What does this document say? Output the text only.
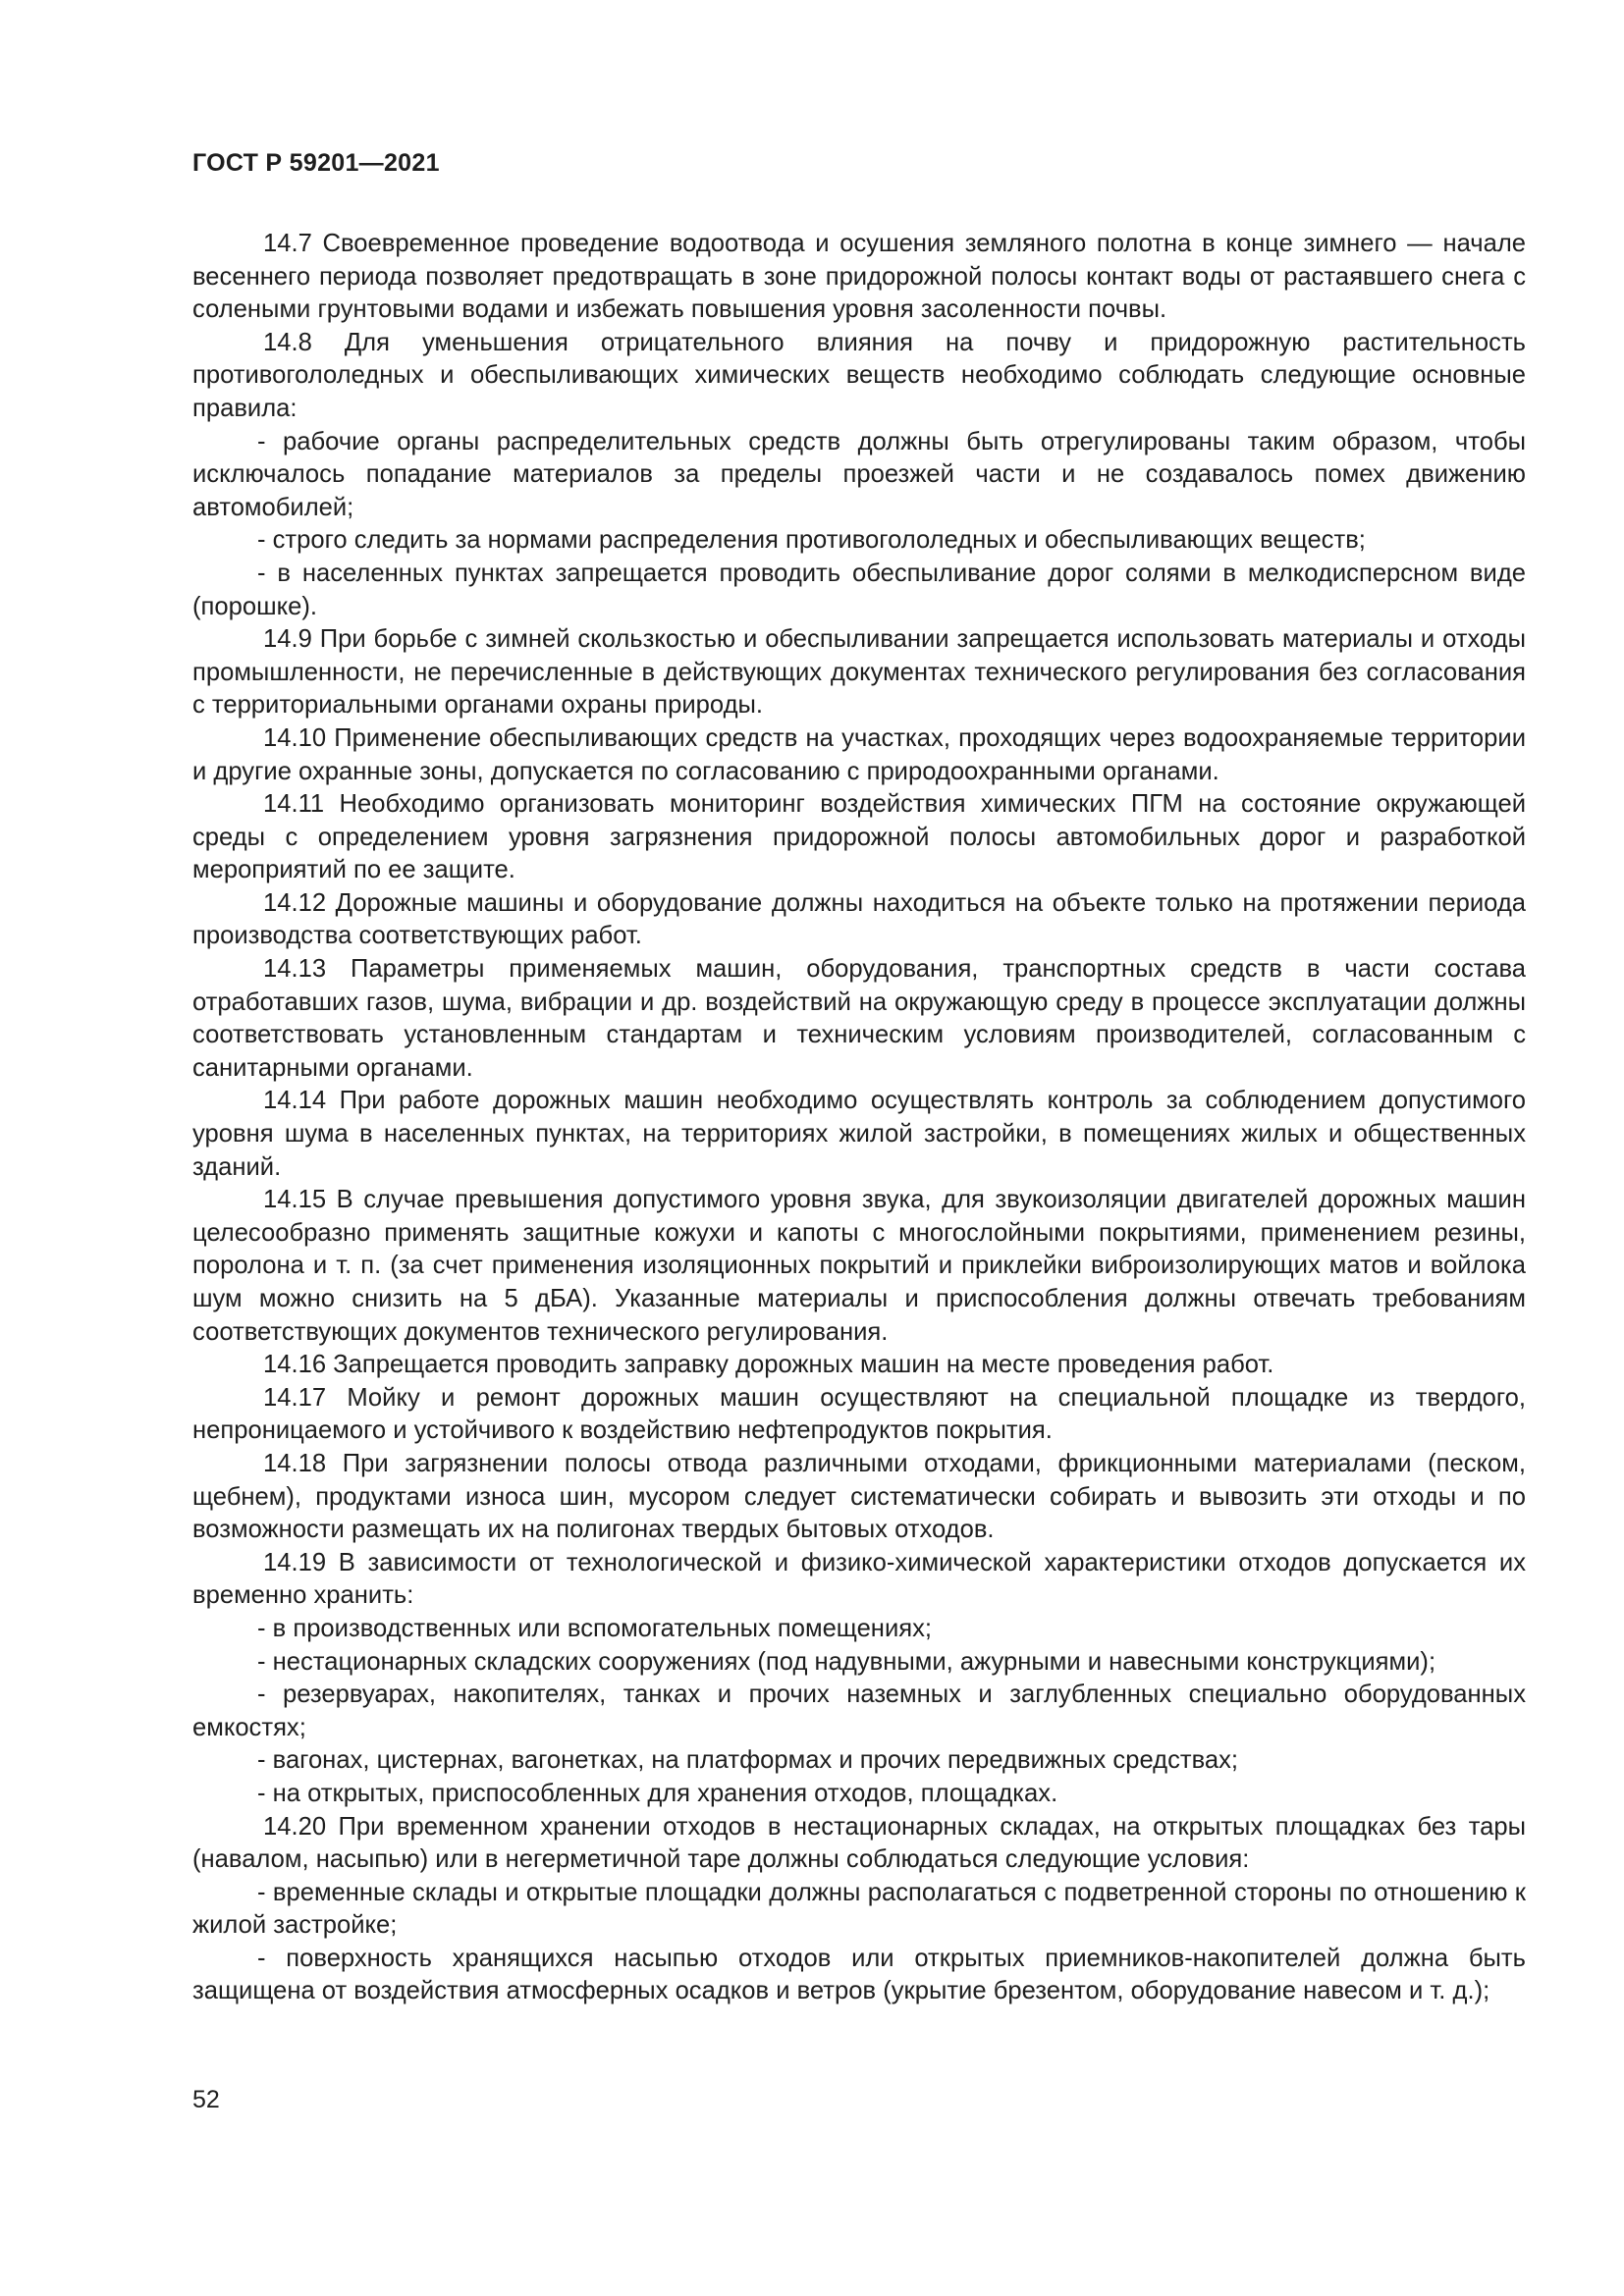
ГОСТ Р 59201—2021

14.7 Своевременное проведение водоотвода и осушения земляного полотна в конце зимнего — начале весеннего периода позволяет предотвращать в зоне придорожной полосы контакт воды от растаявшего снега с солеными грунтовыми водами и избежать повышения уровня засоленности почвы.

14.8 Для уменьшения отрицательного влияния на почву и придорожную растительность противогололедных и обеспыливающих химических веществ необходимо соблюдать следующие основные правила:

- рабочие органы распределительных средств должны быть отрегулированы таким образом, чтобы исключалось попадание материалов за пределы проезжей части и не создавалось помех движению автомобилей;

- строго следить за нормами распределения противогололедных и обеспыливающих веществ;

- в населенных пунктах запрещается проводить обеспыливание дорог солями в мелкодисперсном виде (порошке).

14.9 При борьбе с зимней скользкостью и обеспыливании запрещается использовать материалы и отходы промышленности, не перечисленные в действующих документах технического регулирования без согласования с территориальными органами охраны природы.

14.10 Применение обеспыливающих средств на участках, проходящих через водоохраняемые территории и другие охранные зоны, допускается по согласованию с природоохранными органами.

14.11 Необходимо организовать мониторинг воздействия химических ПГМ на состояние окружающей среды с определением уровня загрязнения придорожной полосы автомобильных дорог и разработкой мероприятий по ее защите.

14.12 Дорожные машины и оборудование должны находиться на объекте только на протяжении периода производства соответствующих работ.

14.13 Параметры применяемых машин, оборудования, транспортных средств в части состава отработавших газов, шума, вибрации и др. воздействий на окружающую среду в процессе эксплуатации должны соответствовать установленным стандартам и техническим условиям производителей, согласованным с санитарными органами.

14.14 При работе дорожных машин необходимо осуществлять контроль за соблюдением допустимого уровня шума в населенных пунктах, на территориях жилой застройки, в помещениях жилых и общественных зданий.

14.15 В случае превышения допустимого уровня звука, для звукоизоляции двигателей дорожных машин целесообразно применять защитные кожухи и капоты с многослойными покрытиями, применением резины, поролона и т. п. (за счет применения изоляционных покрытий и приклейки виброизолирующих матов и войлока шум можно снизить на 5 дБА). Указанные материалы и приспособления должны отвечать требованиям соответствующих документов технического регулирования.

14.16 Запрещается проводить заправку дорожных машин на месте проведения работ.

14.17 Мойку и ремонт дорожных машин осуществляют на специальной площадке из твердого, непроницаемого и устойчивого к воздействию нефтепродуктов покрытия.

14.18 При загрязнении полосы отвода различными отходами, фрикционными материалами (песком, щебнем), продуктами износа шин, мусором следует систематически собирать и вывозить эти отходы и по возможности размещать их на полигонах твердых бытовых отходов.

14.19 В зависимости от технологической и физико-химической характеристики отходов допускается их временно хранить:

- в производственных или вспомогательных помещениях;

- нестационарных складских сооружениях (под надувными, ажурными и навесными конструкциями);

- резервуарах, накопителях, танках и прочих наземных и заглубленных специально оборудованных емкостях;

- вагонах, цистернах, вагонетках, на платформах и прочих передвижных средствах;

- на открытых, приспособленных для хранения отходов, площадках.

14.20 При временном хранении отходов в нестационарных складах, на открытых площадках без тары (навалом, насыпью) или в негерметичной таре должны соблюдаться следующие условия:

- временные склады и открытые площадки должны располагаться с подветренной стороны по отношению к жилой застройке;

- поверхность хранящихся насыпью отходов или открытых приемников-накопителей должна быть защищена от воздействия атмосферных осадков и ветров (укрытие брезентом, оборудование навесом и т. д.);

52
